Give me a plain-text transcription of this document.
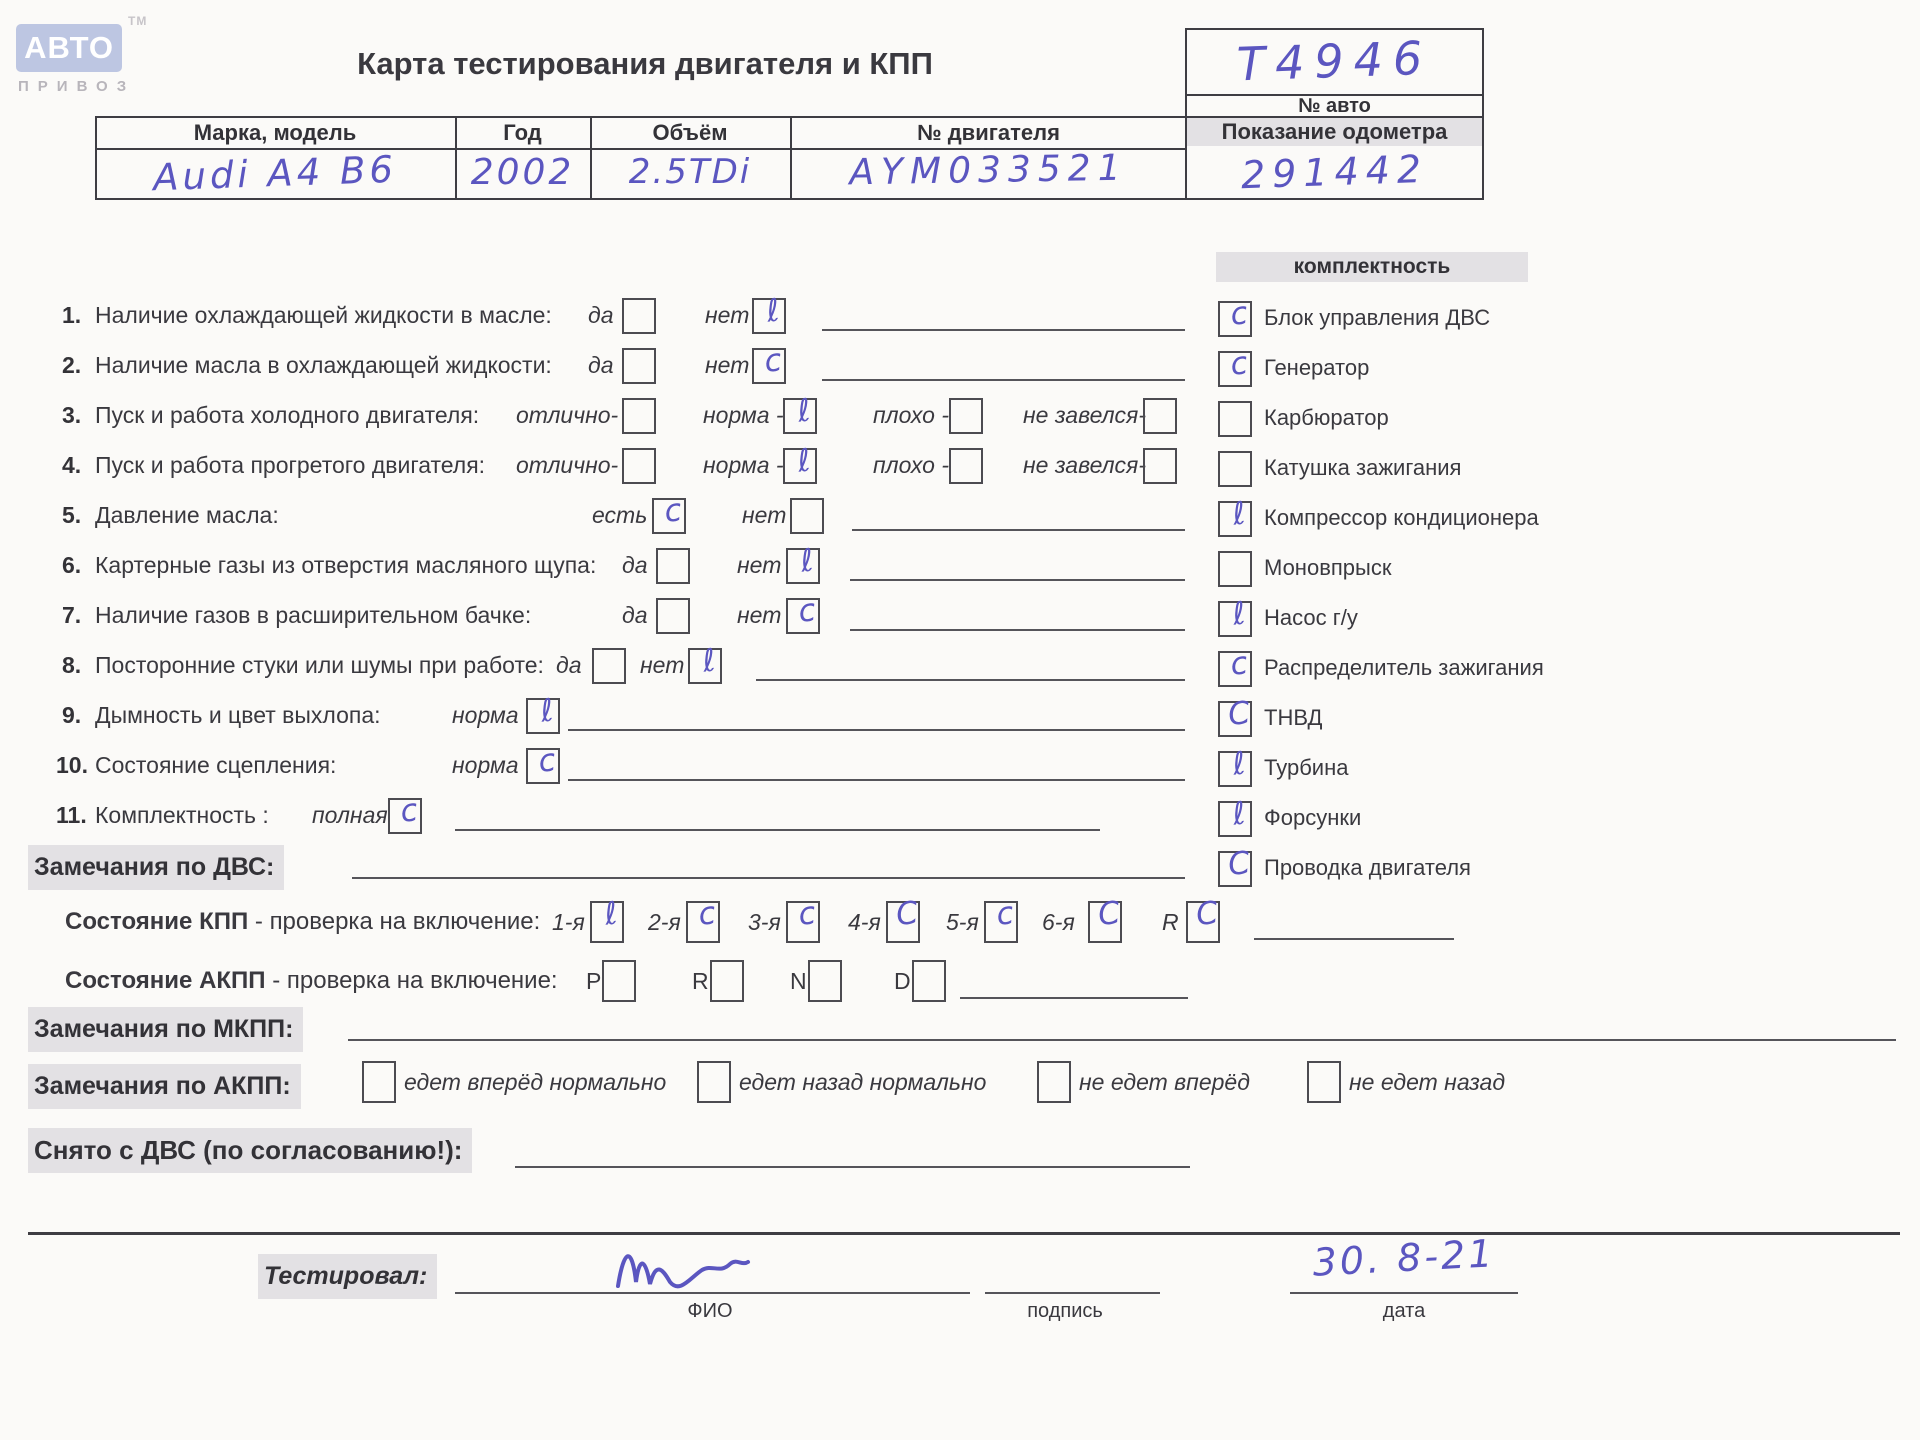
АВТО
ТМ
ПРИВОЗ
Карта тестирования двигателя и КПП	Т4946
№ авто
Показание одометра
Марка, модель	Год	Объём	№ двигателя
Audi A4 B6	2002	2.5TDi	AYM033521	291442
комплектность
ϲ Блок управления ДВС
ϲ Генератор
Карбюратор
Катушка зажигания
ℓ Компрессор кондиционера
Моновпрыск
ℓ Насос г/у
ϲ Распределитель зажигания
C ТНВД
ℓ Турбина
ℓ Форсунки
C Проводка двигателя
1. Наличие охлаждающей жидкости в масле: да	нет ℓ
2. Наличие масла в охлаждающей жидкости: да	нет ϲ
3. Пуск и работа холодного двигателя: отлично-	норма - ℓ	плохо -	не завелся-
4. Пуск и работа прогретого двигателя: отлично-	норма - ℓ	плохо -	не завелся-
5. Давление масла:	есть ϲ	нет
6. Картерные газы из отверстия масляного щупа: да	нет ℓ
7. Наличие газов в расширительном бачке:	да	нет ϲ
8. Посторонние стуки или шумы при работе: да	нет ℓ
9. Дымность и цвет выхлопа:	норма ℓ
10. Состояние сцепления:	норма ϲ
11. Комплектность : полная ϲ
Замечания по ДВС:
Состояние КПП - проверка на включение: 1-я ℓ	2-я ϲ	3-я ϲ	4-я C 5-я ϲ	6-я C R C
Состояние АКПП - проверка на включение: P	R	N	D
Замечания по МКПП:
Замечания по АКПП:	едет вперёд нормально	едет назад нормально	не едет вперёд	не едет назад
Снято с ДВС (по согласованию!):
Тестировал:	30. 8-21
ФИО	подпись	дата
